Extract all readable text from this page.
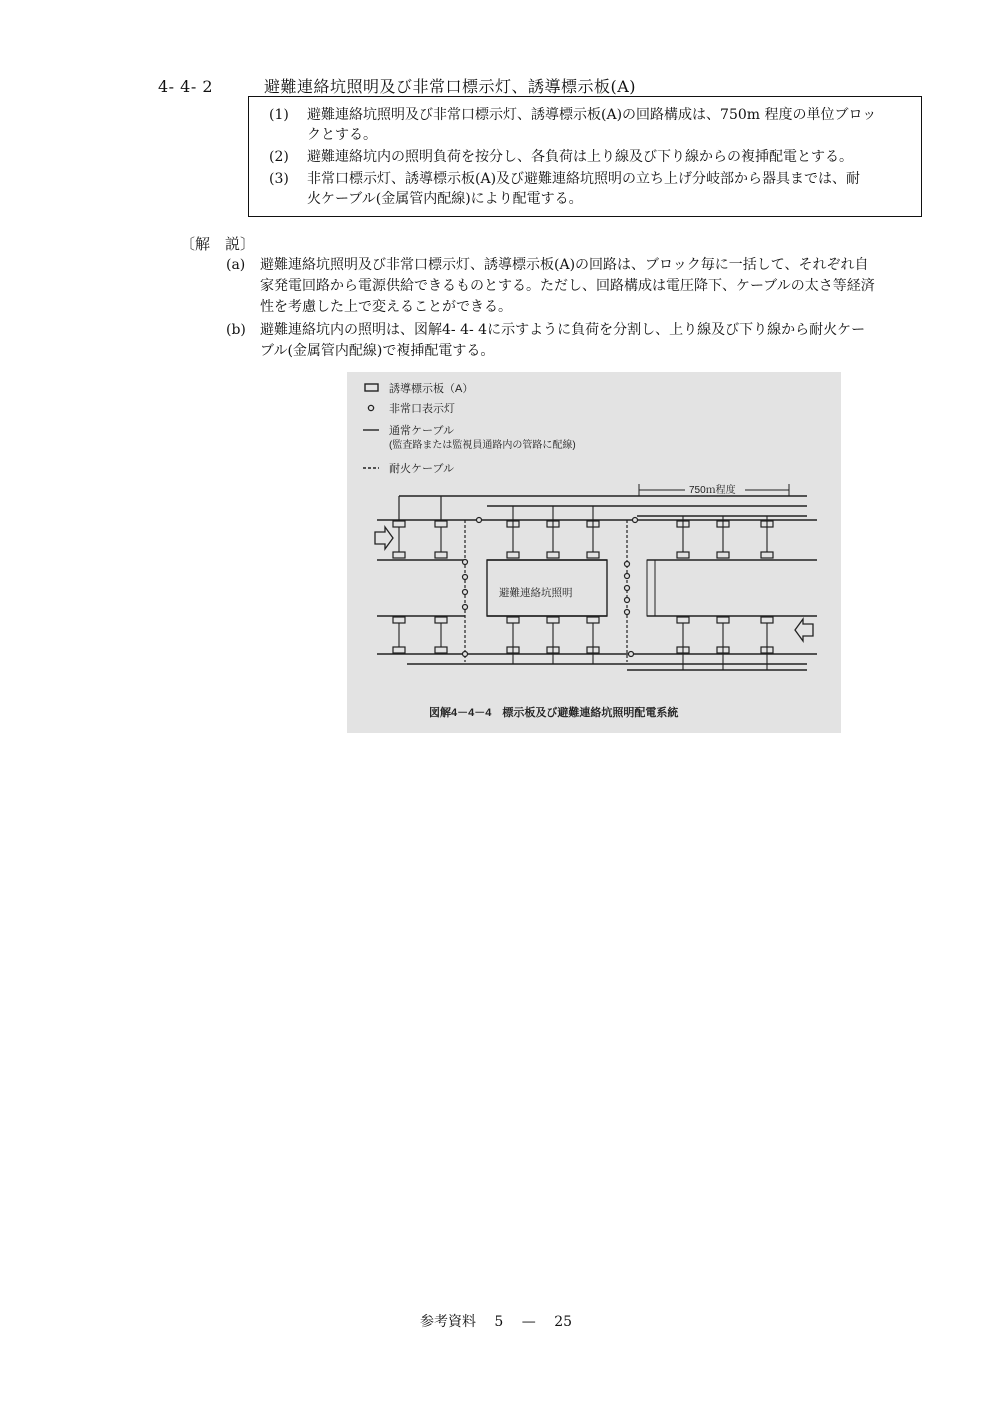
4- 4- 2	避難連絡坑照明及び非常口標示灯、誘導標示板(A)
(1) 避難連絡坑照明及び非常口標示灯、誘導標示板(A)の回路構成は、750m 程度の単位ブロッ
クとする。
(2) 避難連絡坑内の照明負荷を按分し、各負荷は上り線及び下り線からの複挿配電とする。
(3) 非常口標示灯、誘導標示板(A)及び避難連絡坑照明の立ち上げ分岐部から器具までは、耐
火ケーブル(金属管内配線)により配電する。
〔解　説〕
(a) 避難連絡坑照明及び非常口標示灯、誘導標示板(A)の回路は、ブロック毎に一括して、それぞれ自
家発電回路から電源供給できるものとする。ただし、回路構成は電圧降下、ケーブルの太さ等経済
性を考慮した上で変えることができる。
(b) 避難連絡坑内の照明は、図解4- 4- 4に示すように負荷を分割し、上り線及び下り線から耐火ケー
ブル(金属管内配線)で複挿配電する。
誘導標示板（A）
非常口表示灯
通常ケーブル
(監査路または監視員通路内の管路に配線)
耐火ケーブル
750ｍ程度
避難連絡坑照明
図解4－4－4　標示板及び避難連絡坑照明配電系統
参考資料　 5　 —　 25
